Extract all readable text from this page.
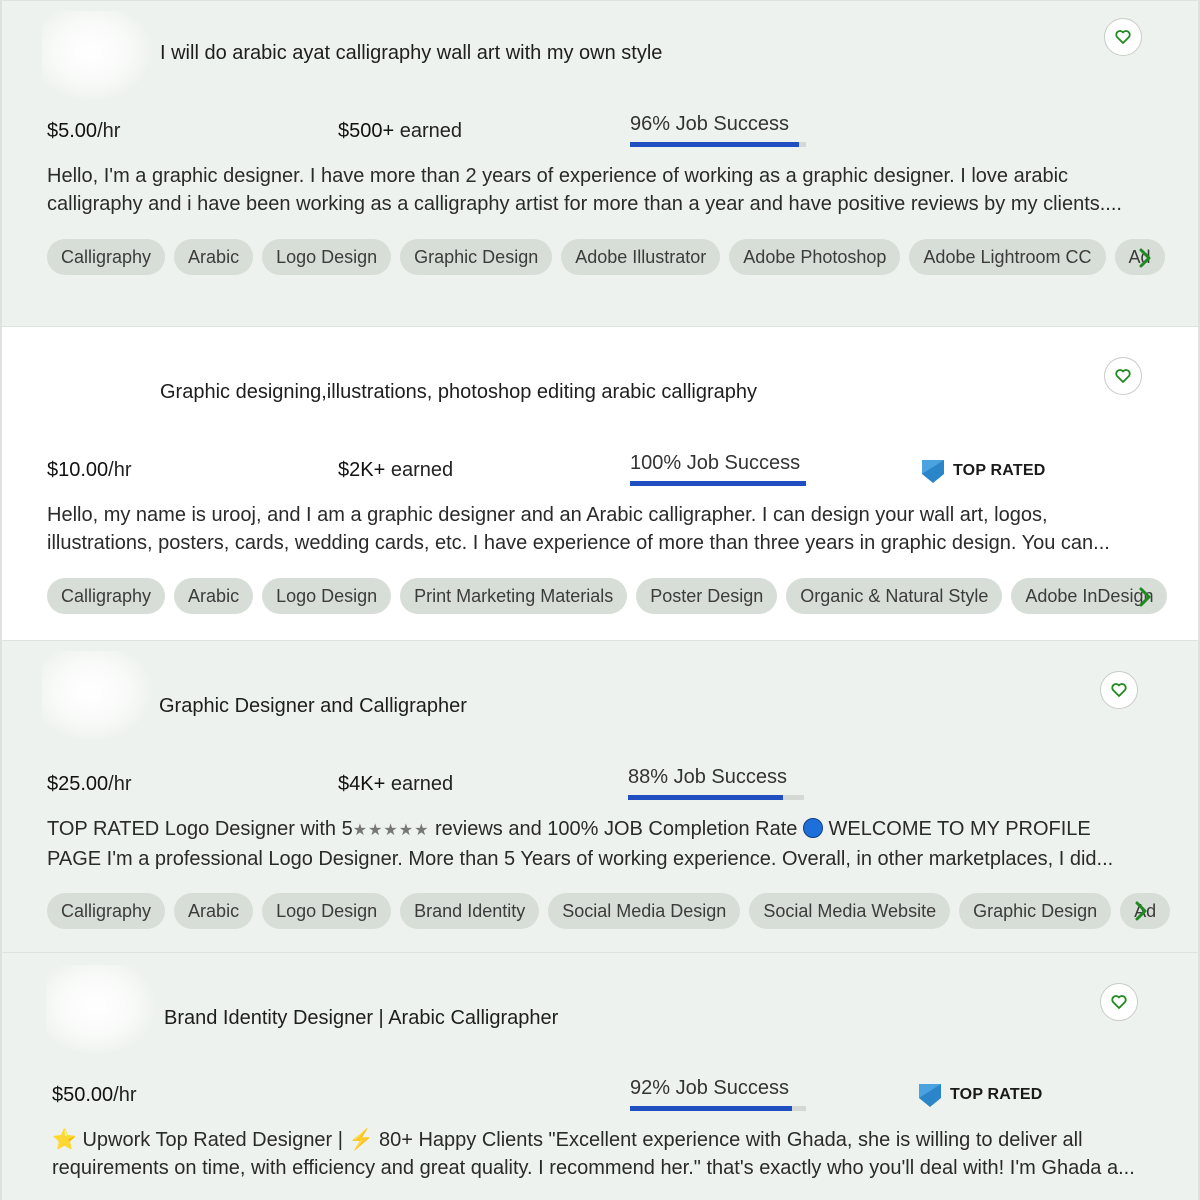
I will do arabic ayat calligraphy wall art with my own style
$5.00/hr	$500+ earned	96% Job Success
Hello, I'm a graphic designer. I have more than 2 years of experience of working as a graphic designer. I love arabic
calligraphy and i have been working as a calligraphy artist for more than a year and have positive reviews by my clients....
Calligraphy	Arabic	Logo Design	Graphic Design	Adobe Illustrator	Adobe Photoshop	Adobe Lightroom CC	Ad
Graphic designing,illustrations, photoshop editing arabic calligraphy
$10.00/hr	$2K+ earned	100% Job Success	TOP RATED
Hello, my name is urooj, and I am a graphic designer and an Arabic calligrapher. I can design your wall art, logos,
illustrations, posters, cards, wedding cards, etc. I have experience of more than three years in graphic design. You can...
Calligraphy	Arabic	Logo Design	Print Marketing Materials	Poster Design	Organic & Natural Style	Adobe InDesign
Graphic Designer and Calligrapher
$25.00/hr	$4K+ earned	88% Job Success
TOP RATED Logo Designer with 5★★★★★ reviews and 100% JOB Completion Rate  WELCOME TO MY PROFILE
PAGE I'm a professional Logo Designer. More than 5 Years of working experience. Overall, in other marketplaces, I did...
Calligraphy	Arabic	Logo Design	Brand Identity	Social Media Design	Social Media Website	Graphic Design	Ad
Brand Identity Designer | Arabic Calligrapher
$50.00/hr	92% Job Success	TOP RATED
⭐ Upwork Top Rated Designer | ⚡ 80+ Happy Clients "Excellent experience with Ghada, she is willing to deliver all
requirements on time, with efficiency and great quality. I recommend her." that's exactly who you'll deal with! I'm Ghada a...
